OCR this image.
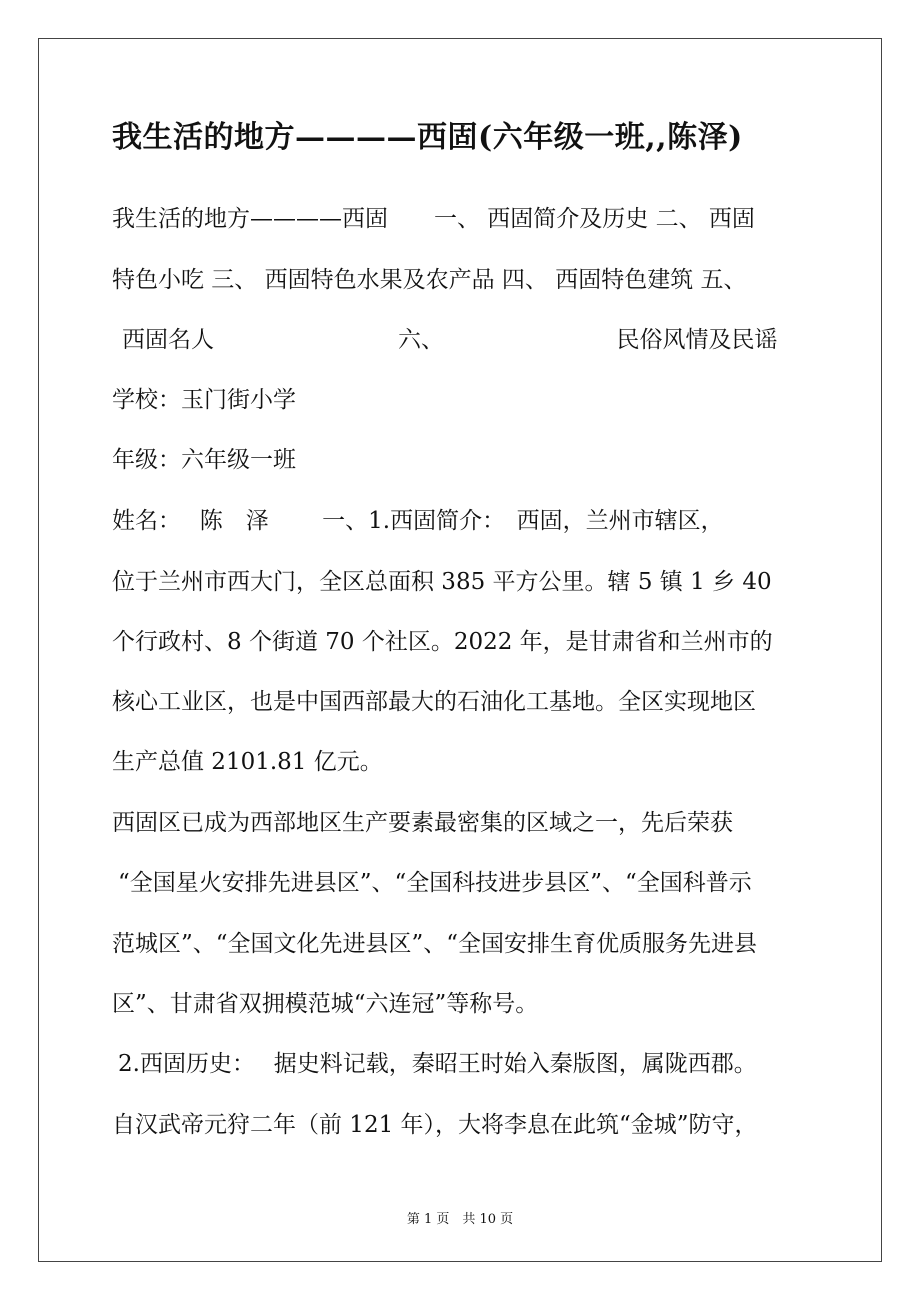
我生活的地方————西固(六年级一班,,陈泽)

我生活的地方————西固　　一、 西固简介及历史 二、 西固

特色小吃 三、 西固特色水果及农产品 四、 西固特色建筑 五、

西固名人　　　　　　　　六、　　　　　　　　民俗风情及民谣

学校：玉门街小学

年级：六年级一班

姓名：　 陈　泽　　 一、1.西固简介：　西固，兰州市辖区，

位于兰州市西大门，全区总面积 385 平方公里。辖 5 镇 1 乡 40

个行政村、8 个街道 70 个社区。2022 年，是甘肃省和兰州市的

核心工业区，也是中国西部最大的石油化工基地。全区实现地区

生产总值 2101.81 亿元。

西固区已成为西部地区生产要素最密集的区域之一，先后荣获

“全国星火安排先进县区”、“全国科技进步县区”、“全国科普示

范城区”、“全国文化先进县区”、“全国安排生育优质服务先进县

区”、甘肃省双拥模范城“六连冠”等称号。

2.西固历史：　 据史料记载，秦昭王时始入秦版图，属陇西郡。

自汉武帝元狩二年（前 121 年），大将李息在此筑“金城”防守，

第 1 页　共 10 页
